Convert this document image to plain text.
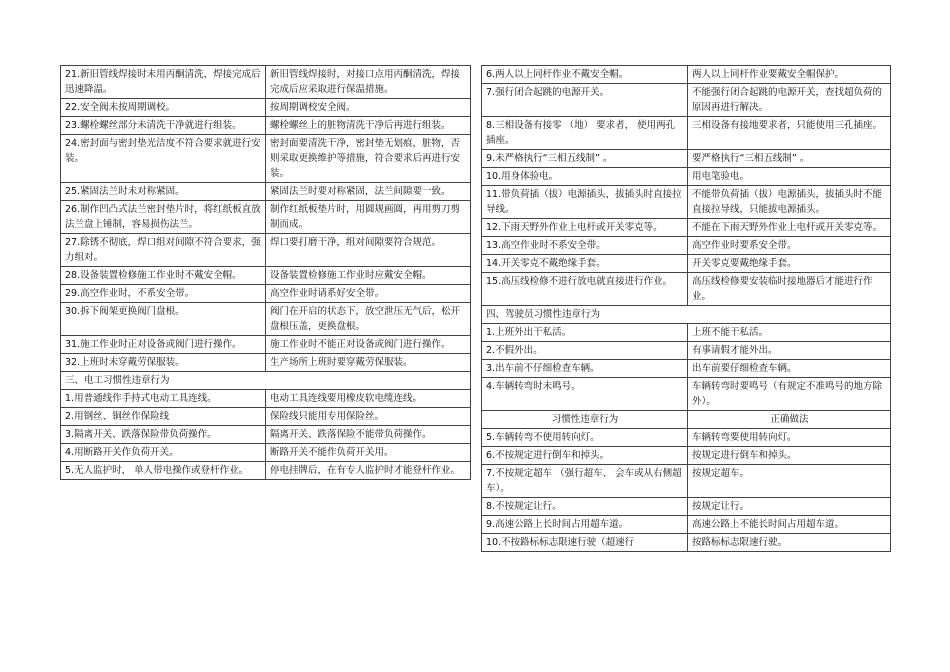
21.新旧管线焊接时未用丙酮清洗，焊接完成后迅速降温。	新旧管线焊接时，对接口点用丙酮清洗，焊接完成后应采取进行保温措施。
22.安全阀未按周期调校。	按周期调校安全阀。
23.螺栓螺丝部分未清洗干净就进行组装。	螺栓螺丝上的脏物清洗干净后再进行组装。
24.密封面与密封垫光洁度不符合要求就进行安装。	密封面要清洗干净，密封垫无划痕，脏物，否则采取更换维护等措施，符合要求后再进行安装。
25.紧固法兰时未对称紧固。	紧固法兰时要对称紧固，法兰间隙要一致。
26.制作凹凸式法兰密封垫片时，将红纸板直放法兰盘上锤制，容易损伤法兰。	制作红纸板垫片时，用圆规画圆，再用剪刀剪制而成。
27.除锈不彻底，焊口组对间隙不符合要求，强力组对。	焊口要打磨干净，组对间隙要符合规范。
28.设备装置检修施工作业时不戴安全帽。	设备装置检修施工作业时应戴安全帽。
29.高空作业时，不系安全带。	高空作业时请系好安全带。
30.拆下阀架更换阀门盘根。	阀门在开启的状态下，放空泄压无气后，松开盘根压盖，更换盘根。
31.施工作业时正对设备或阀门进行操作。	施工作业时不能正对设备或阀门进行操作。
32.上班时未穿戴劳保服装。	生产场所上班时要穿戴劳保服装。
三、电工习惯性违章行为	
1.用普通线作手持式电动工具连线。	电动工具连线要用橡皮软电缆连线。
2.用钢丝、铜丝作保险线	保险线只能用专用保险丝。
3.隔离开关、跌落保险带负荷操作。	隔离开关、跌落保险不能带负荷操作。
4.用断路开关作负荷开关。	断路开关不能作负荷开关用。
5.无人监护时， 单人带电操作或登杆作业。	停电挂牌后，在有专人监护时才能登杆作业。
6.两人以上同杆作业不戴安全帽。	两人以上同杆作业要戴安全帽保护。
7.强行闭合起跳的电源开关。	不能强行闭合起跳的电源开关，查找超负荷的原因再进行解决。
8.三相设备有接零 （地） 要求者， 使用两孔插座。	三相设备有接地要求者，只能使用三孔插座。
9.未严格执行“三相五线制” 。	要严格执行“三相五线制” 。
10.用身体验电。	用电笔验电。
11.带负荷插（拔）电源插头，拔插头时直接拉导线。	不能带负荷插（拔）电源插头，拔插头时不能直接拉导线，只能拔电源插头。
12.下雨天野外作业上电杆或开关零克等。	不能在下雨天野外作业上电杆或开关零克等。
13.高空作业时不系安全带。	高空作业时要系安全带。
14.开关零克不戴绝缘手套。	开关零克要戴绝缘手套。
15.高压线检修不进行放电就直接进行作业。	高压线检修要安装临时接地器后才能进行作业。
四、驾驶员习惯性违章行为	
1.上班外出干私活。	上班不能干私活。
2.不假外出。	有事请假才能外出。
3.出车前不仔细检查车辆。	出车前要仔细检查车辆。
4.车辆转弯时未鸣号。	车辆转弯时要鸣号（有规定不准鸣号的地方除外）。
习惯性违章行为	正确做法
5.车辆转弯不使用转向灯。	车辆转弯要使用转向灯。
6.不按规定进行倒车和掉头。	按规定进行倒车和掉头。
7.不按规定超车 （强行超车、 会车或从右侧超车）。	按规定超车。
8.不按规定让行。	按规定让行。
9.高速公路上长时间占用超车道。	高速公路上不能长时间占用超车道。
10.不按路标标志限速行驶（超速行	按路标标志限速行驶。
